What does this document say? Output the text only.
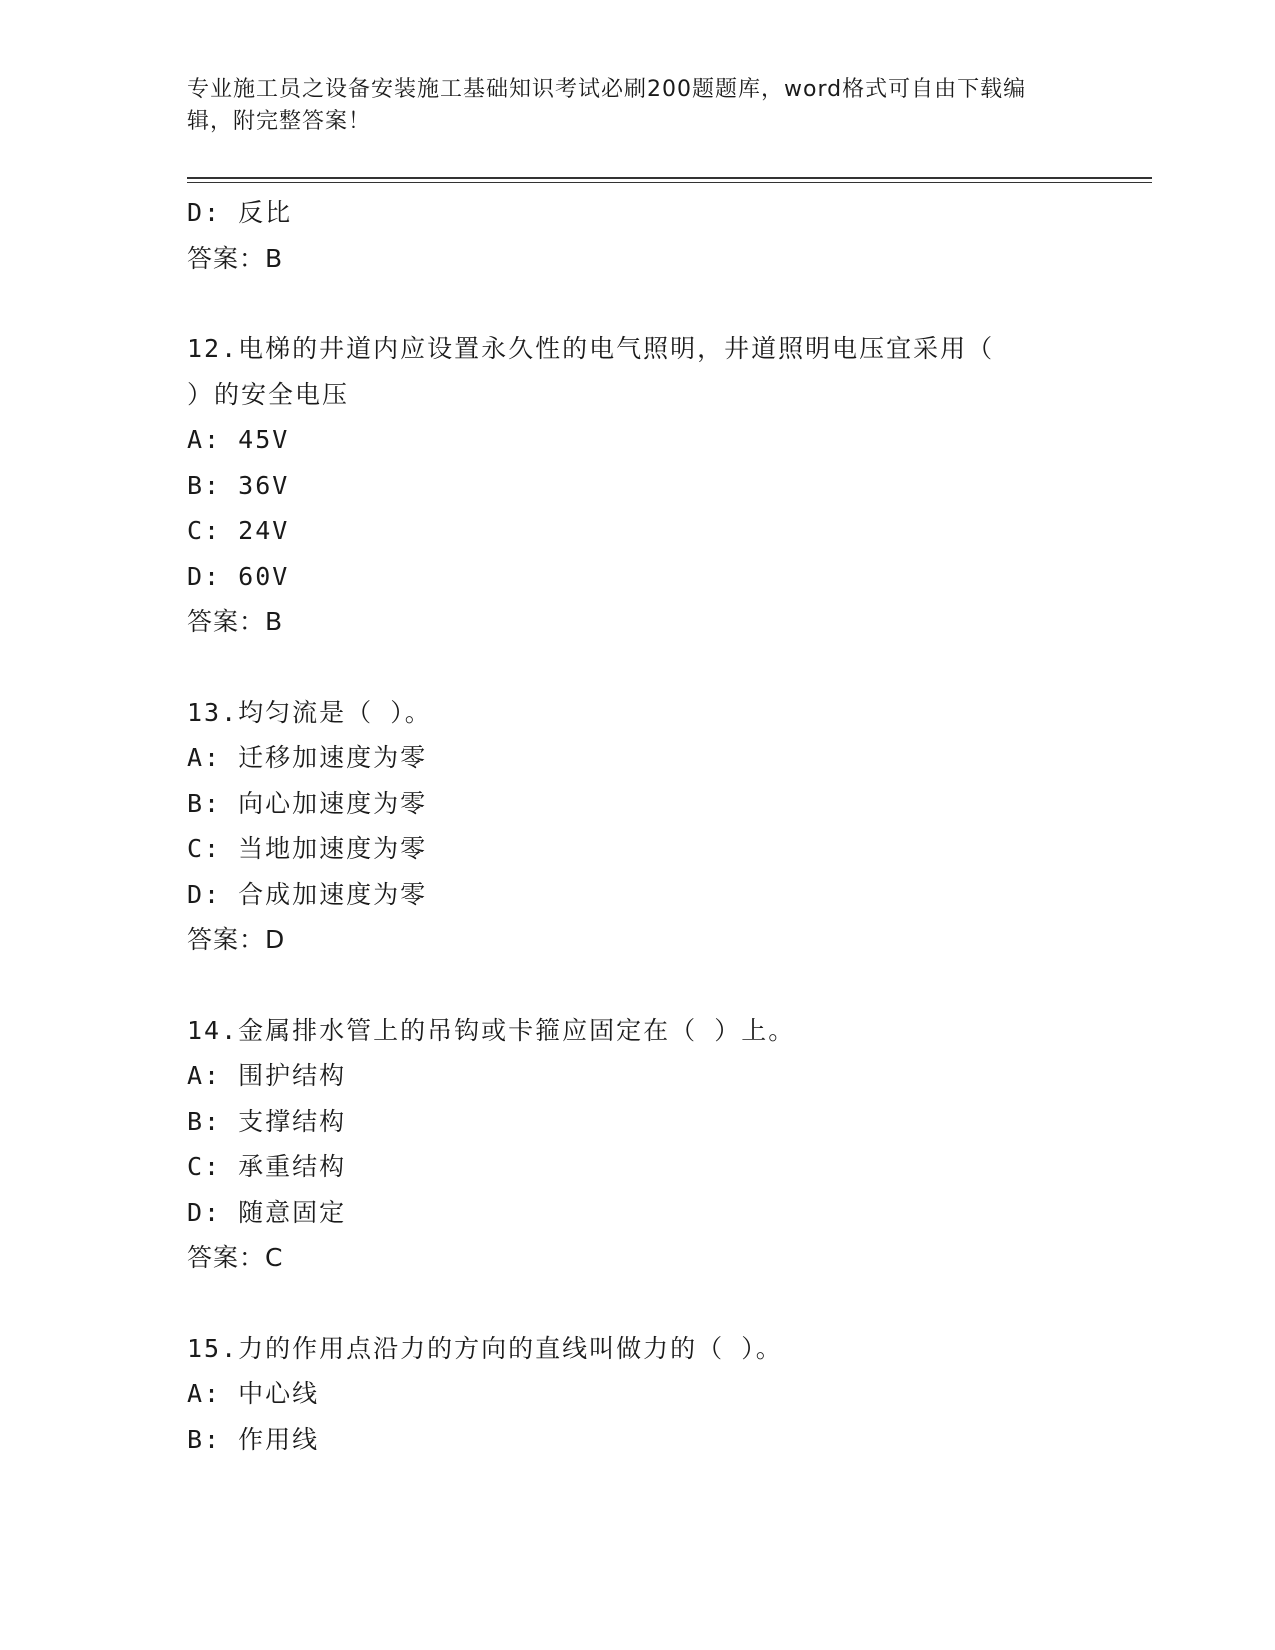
专业施工员之设备安装施工基础知识考试必刷200题题库，word格式可自由下载编辑，附完整答案！
D: 反比
答案：B
12.电梯的井道内应设置永久性的电气照明，井道照明电压宜采用（
）的安全电压
A: 45V
B: 36V
C: 24V
D: 60V
答案：B
13.均匀流是（ ）。
A: 迁移加速度为零
B: 向心加速度为零
C: 当地加速度为零
D: 合成加速度为零
答案：D
14.金属排水管上的吊钩或卡箍应固定在（ ）上。
A: 围护结构
B: 支撑结构
C: 承重结构
D: 随意固定
答案：C
15.力的作用点沿力的方向的直线叫做力的（ ）。
A: 中心线
B: 作用线
